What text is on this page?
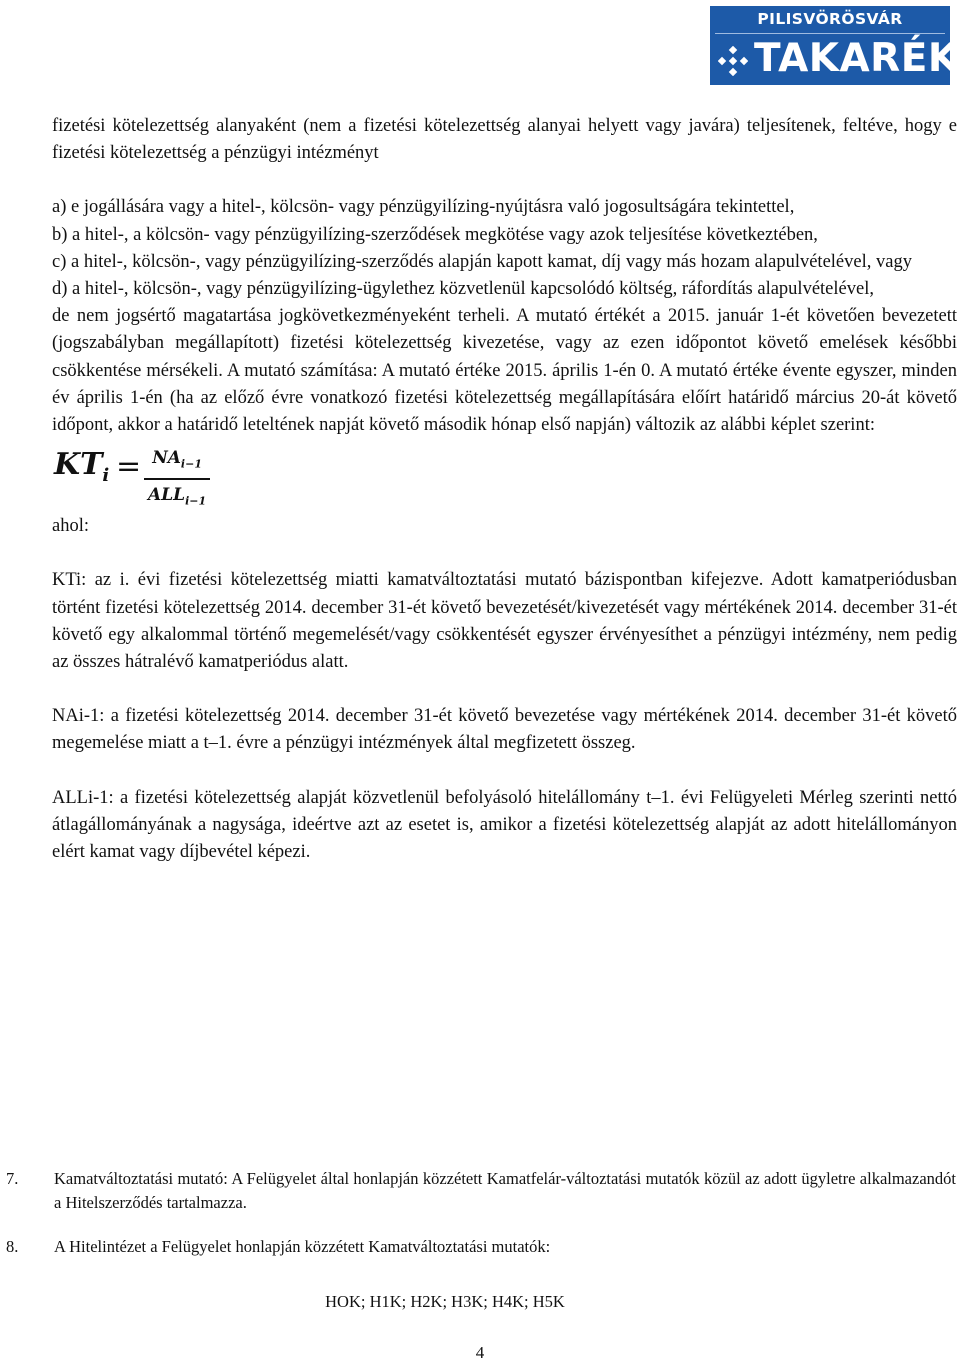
PILISVÖRÖSVÁR
TAKARÉK

fizetési kötelezettség alanyaként (nem a fizetési kötelezettség alanyai helyett vagy javára) teljesítenek, feltéve, hogy e fizetési kötelezettség a pénzügyi intézményt

a) e jogállására vagy a hitel-, kölcsön- vagy pénzügyilízing-nyújtásra való jogosultságára tekintettel,

b) a hitel-, a kölcsön- vagy pénzügyilízing-szerződések megkötése vagy azok teljesítése következtében,

c) a hitel-, kölcsön-, vagy pénzügyilízing-szerződés alapján kapott kamat, díj vagy más hozam alapulvételével, vagy

d) a hitel-, kölcsön-, vagy pénzügyilízing-ügylethez közvetlenül kapcsolódó költség, ráfordítás alapulvételével,

de nem jogsértő magatartása jogkövetkezményeként terheli. A mutató értékét a 2015. január 1-ét követően bevezetett (jogszabályban megállapított) fizetési kötelezettség kivezetése, vagy az ezen időpontot követő emelések későbbi csökkentése mérsékeli. A mutató számítása: A mutató értéke 2015. április 1-én 0. A mutató értéke évente egyszer, minden év április 1-én (ha az előző évre vonatkozó fizetési kötelezettség megállapítására előírt határidő március 20-át követő időpont, akkor a határidő leteltének napját követő második hónap első napján) változik az alábbi képlet szerint:

$KT_i = NA_{i-1}$
$ALL_{i-1}$

ahol:

KTi: az i. évi fizetési kötelezettség miatti kamatváltoztatási mutató bázispontban kifejezve. Adott kamatperiódusban történt fizetési kötelezettség 2014. december 31-ét követő bevezetését/kivezetését vagy mértékének 2014. december 31-ét követő egy alkalommal történő megemelését/vagy csökkentését egyszer érvényesíthet a pénzügyi intézmény, nem pedig az összes hátralévő kamatperiódus alatt.

NAi-1: a fizetési kötelezettség 2014. december 31-ét követő bevezetése vagy mértékének 2014. december 31-ét követő megemelése miatt a t–1. évre a pénzügyi intézmények által megfizetett összeg.

ALLi-1: a fizetési kötelezettség alapját közvetlenül befolyásoló hitelállomány t–1. évi Felügyeleti Mérleg szerinti nettó átlagállományának a nagysága, ideértve azt az esetet is, amikor a fizetési kötelezettség alapját az adott hitelállományon elért kamat vagy díjbevétel képezi.

7. Kamatváltoztatási mutató: A Felügyelet által honlapján közzétett Kamatfelár-változtatási mutatók közül az adott ügyletre alkalmazandót a Hitelszerződés tartalmazza.
8. A Hitelintézet a Felügyelet honlapján közzétett Kamatváltoztatási mutatók:
HOK; H1K; H2K; H3K; H4K; H5K
4
